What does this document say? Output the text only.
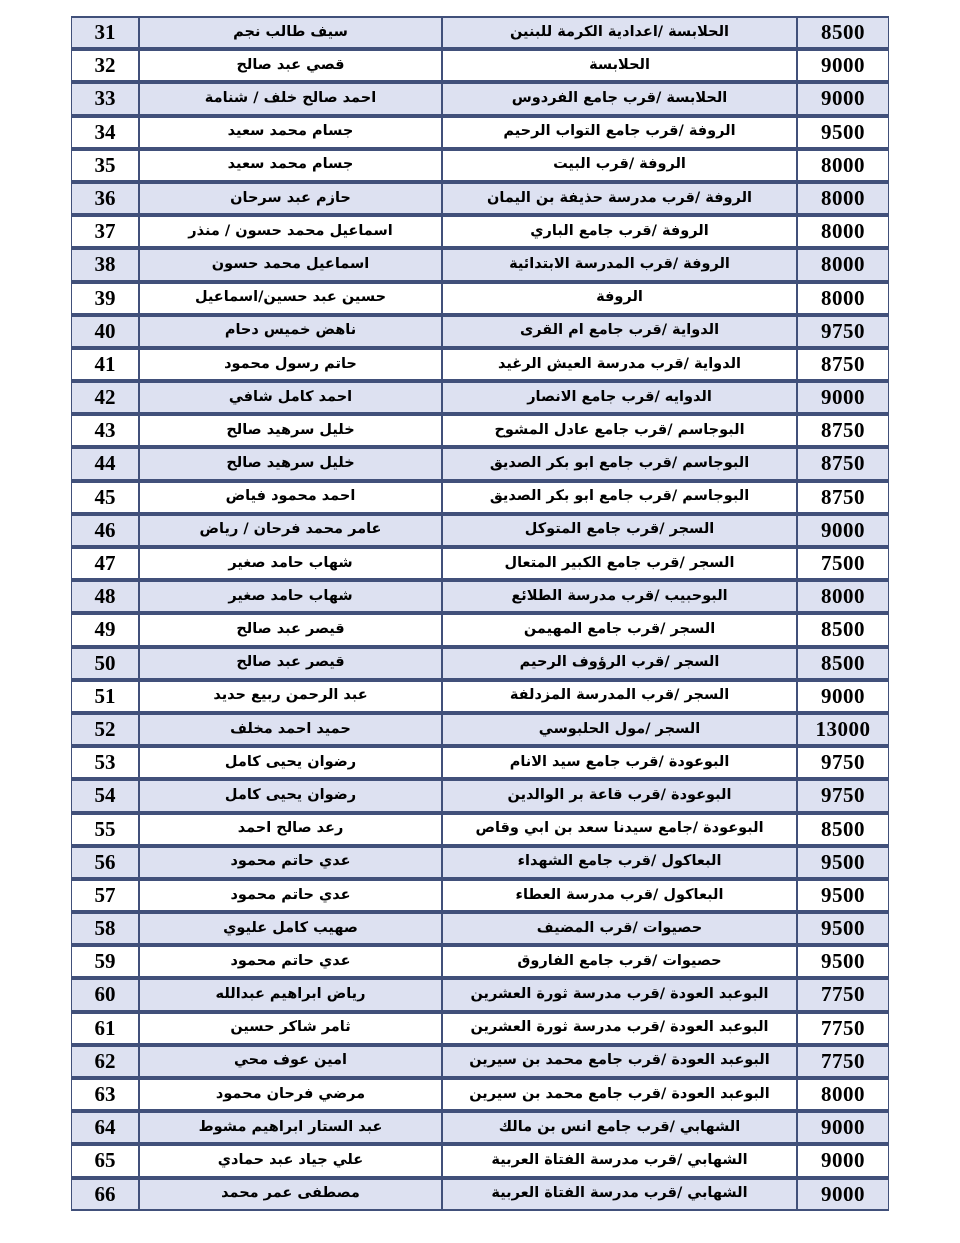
8500	الحلابسة /اعدادية الكرمة للبنين	سيف طالب نجم	31
9000	الحلابسة	قصي عبد صالح	32
9000	الحلابسة /قرب جامع الفردوس	احمد صالح خلف / شنامة	33
9500	الروفة /قرب جامع التواب الرحيم	جسام محمد سعيد	34
8000	الروفة /قرب البيت	جسام محمد سعيد	35
8000	الروفة /قرب مدرسة حذيفة بن اليمان	حازم عبد سرحان	36
8000	الروفة /قرب جامع الباري	اسماعيل محمد حسون / منذر	37
8000	الروفة /قرب المدرسة الابتدائية	اسماعيل محمد حسون	38
8000	الروفة	حسين عبد حسين/اسماعيل	39
9750	الدواية /قرب جامع ام القرى	ناهض خميس دحام	40
8750	الدواية /قرب مدرسة العيش الرغيد	حاتم رسول محمود	41
9000	الدوايه /قرب جامع الانصار	احمد كامل شافي	42
8750	البوجاسم /قرب جامع عادل المشوح	خليل سرهيد صالح	43
8750	البوجاسم /قرب جامع ابو بكر الصديق	خليل سرهيد صالح	44
8750	البوجاسم /قرب جامع ابو بكر الصديق	احمد محمود فياض	45
9000	السجر /قرب جامع المتوكل	عامر محمد فرحان / رياض	46
7500	السجر /قرب جامع الكبير المتعال	شهاب حامد صغير	47
8000	البوحبيب /قرب مدرسة الطلائع	شهاب حامد صغير	48
8500	السجر /قرب جامع المهيمن	قيصر عبد صالح	49
8500	السجر /قرب الرؤوف الرحيم	قيصر عبد صالح	50
9000	السجر /قرب المدرسة المزدلفة	عبد الرحمن ربيع حديد	51
13000	السجر /مول الحلبوسي	حميد احمد مخلف	52
9750	البوعودة /قرب جامع سيد الانام	رضوان يحيى كامل	53
9750	البوعودة /قرب قاعة بر الوالدين	رضوان يحيى كامل	54
8500	البوعودة /جامع سيدنا سعد بن ابي وقاص	رعد صالح احمد	55
9500	البعاكول /قرب جامع الشهداء	عدي حاتم محمود	56
9500	البعاكول /قرب مدرسة العطاء	عدي حاتم محمود	57
9500	حصيوات /قرب المضيف	صهيب كامل عليوي	58
9500	حصيوات /قرب جامع الفاروق	عدي حاتم محمود	59
7750	البوعبد العودة /قرب مدرسة ثورة العشرين	رياض ابراهيم عبدالله	60
7750	البوعبد العودة /قرب مدرسة ثورة العشرين	ثامر شاكر حسين	61
7750	البوعبد العودة /قرب جامع محمد بن سيرين	امين عوف محي	62
8000	البوعبد العودة /قرب جامع محمد بن سيرين	مرضي فرحان محمود	63
9000	الشهابي /قرب جامع انس بن مالك	عبد الستار ابراهيم مشوط	64
9000	الشهابي /قرب مدرسة الفتاة العربية	علي جياد عبد حمادي	65
9000	الشهابي /قرب مدرسة الفتاة العربية	مصطفى عمر محمد	66
